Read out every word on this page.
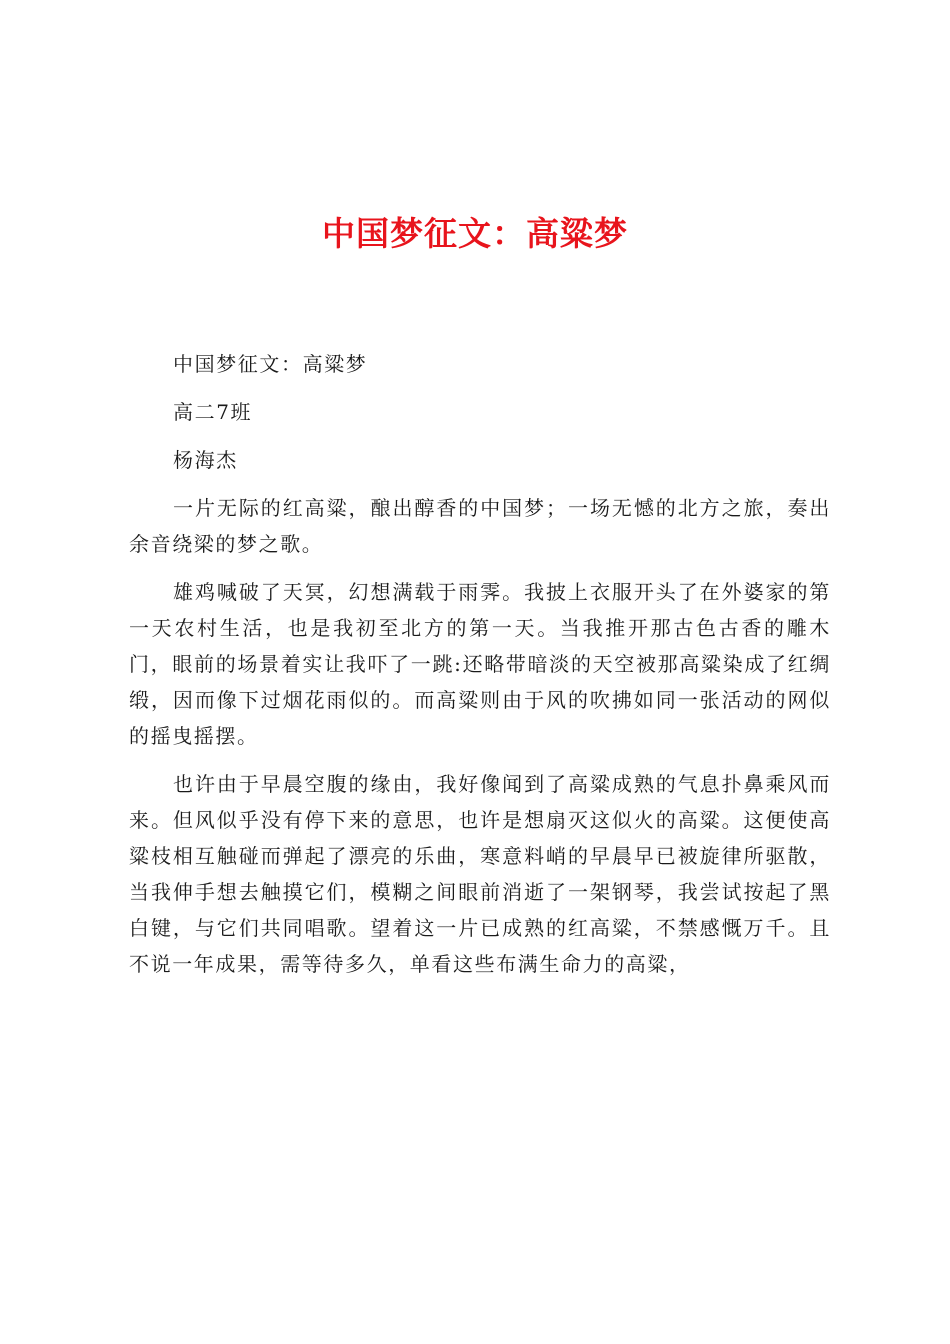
中国梦征文：高粱梦

中国梦征文：高粱梦

高二7班

杨海杰

一片无际的红高粱，酿出醇香的中国梦；一场无憾的北方之旅，奏出余音绕梁的梦之歌。

雄鸡喊破了天冥，幻想满载于雨霁。我披上衣服开头了在外婆家的第一天农村生活，也是我初至北方的第一天。当我推开那古色古香的雕木门，眼前的场景着实让我吓了一跳:还略带暗淡的天空被那高粱染成了红绸缎，因而像下过烟花雨似的。而高粱则由于风的吹拂如同一张活动的网似的摇曳摇摆。

也许由于早晨空腹的缘由，我好像闻到了高粱成熟的气息扑鼻乘风而来。但风似乎没有停下来的意思，也许是想扇灭这似火的高粱。这便使高粱枝相互触碰而弹起了漂亮的乐曲，寒意料峭的早晨早已被旋律所驱散，当我伸手想去触摸它们，模糊之间眼前消逝了一架钢琴，我尝试按起了黑白键，与它们共同唱歌。望着这一片已成熟的红高粱，不禁感慨万千。且不说一年成果，需等待多久，单看这些布满生命力的高粱，
